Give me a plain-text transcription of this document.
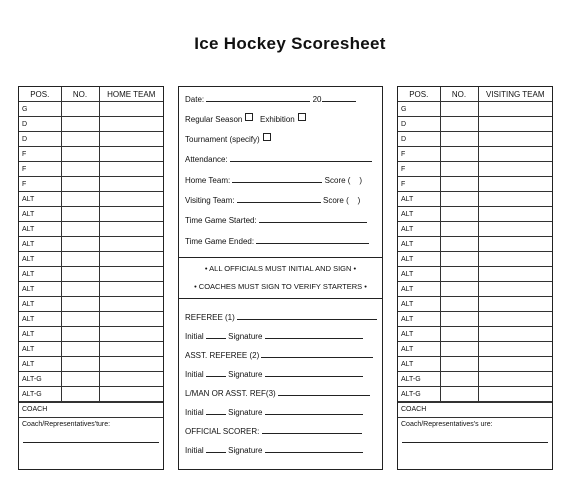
Ice Hockey Scoresheet
POS.	NO.	HOME TEAM
G		
D		
D		
F		
F		
F		
ALT		
ALT		
ALT		
ALT		
ALT		
ALT		
ALT		
ALT		
ALT		
ALT		
ALT		
ALT		
ALT-G		
ALT-G		
COACH
Coach/Representatives'ture:
POS.	NO.	VISITING TEAM
G		
D		
D		
F		
F		
F		
ALT		
ALT		
ALT		
ALT		
ALT		
ALT		
ALT		
ALT		
ALT		
ALT		
ALT		
ALT		
ALT-G		
ALT-G		
COACH
Coach/Representatives's ure:
Date:	20
Regular Season Exhibition
Tournament (specify)
Attendance:
Home Team:	Score ( )
Visiting Team:	Score ( )
Time Game Started:
Time Game Ended:
• ALL OFFICIALS MUST INITIAL AND SIGN •
• COACHES MUST SIGN TO VERIFY STARTERS •
REFEREE (1)
Initial	Signature
ASST. REFEREE (2)
Initial	Signature
L/MAN OR ASST. REF(3)
Initial	Signature
OFFICIAL SCORER:
Initial	Signature
